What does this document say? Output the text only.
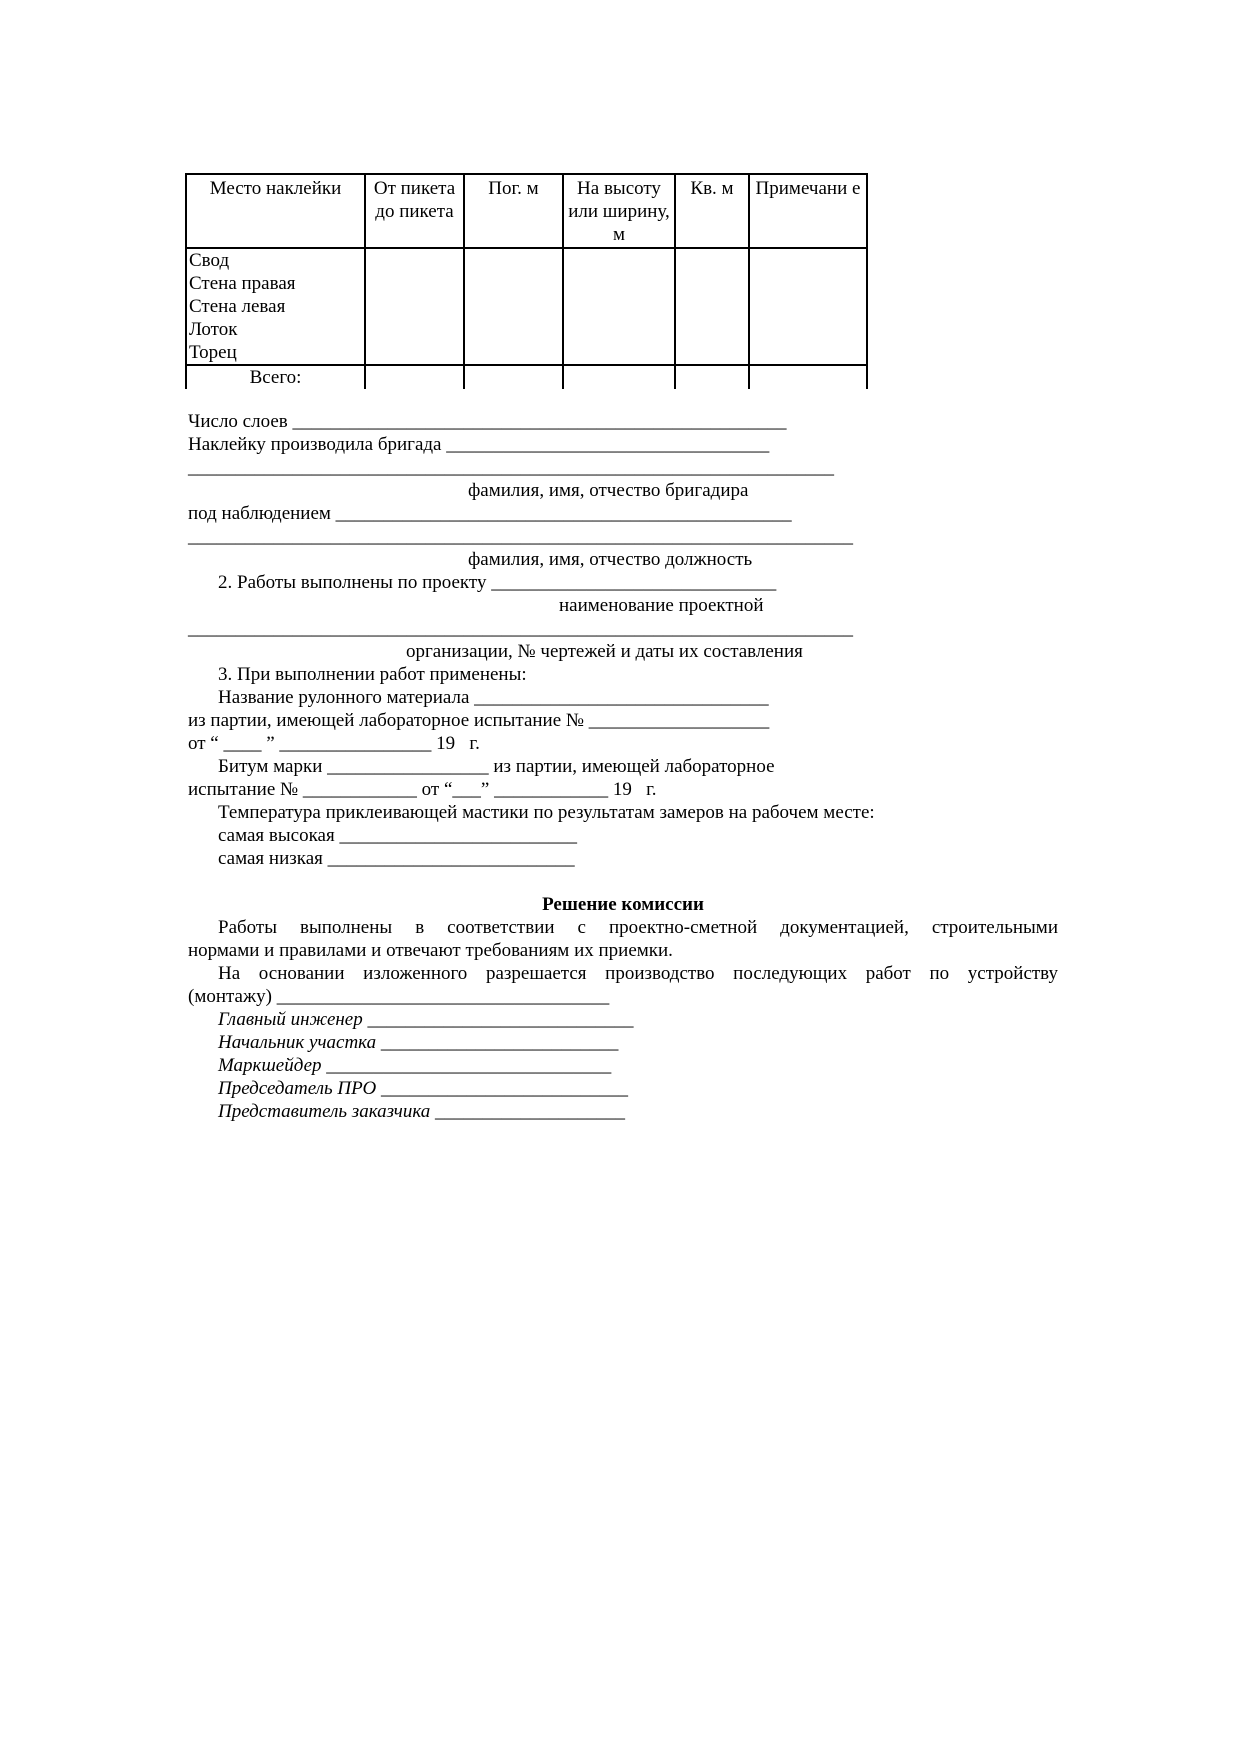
Место наклейки	От пикета до пикета	Пог. м	На высоту или ширину, м	Кв. м	Примечани е

Свод
Стена правая
Стена левая
Лоток
Торец					

Всего:					
Число слоев ____________________________________________________
Наклейку производила бригада __________________________________
____________________________________________________________________
фамилия, имя, отчество бригадира
под наблюдением ________________________________________________
______________________________________________________________________
фамилия, имя, отчество должность
2. Работы выполнены по проекту ______________________________
наименование проектной
______________________________________________________________________
организации, № чертежей и даты их составления
3. При выполнении работ применены:
Название рулонного материала _______________________________
из партии, имеющей лабораторное испытание № ___________________
от “ ____ ” ________________ 19   г.
Битум марки _________________ из партии, имеющей лабораторное
испытание № ____________ от “___” ____________ 19   г.
Температура приклеивающей мастики по результатам замеров на рабочем месте:
самая высокая _________________________
самая низкая __________________________
Решение комиссии
Работы выполнены в соответствии с проектно-сметной документацией, строительными
нормами и правилами и отвечают требованиям их приемки.
На основании изложенного разрешается производство последующих работ по устройству
(монтажу) ___________________________________
Главный инженер ____________________________
Начальник участка _________________________
Маркшейдер ______________________________
Председатель ПРО __________________________
Представитель заказчика ____________________
